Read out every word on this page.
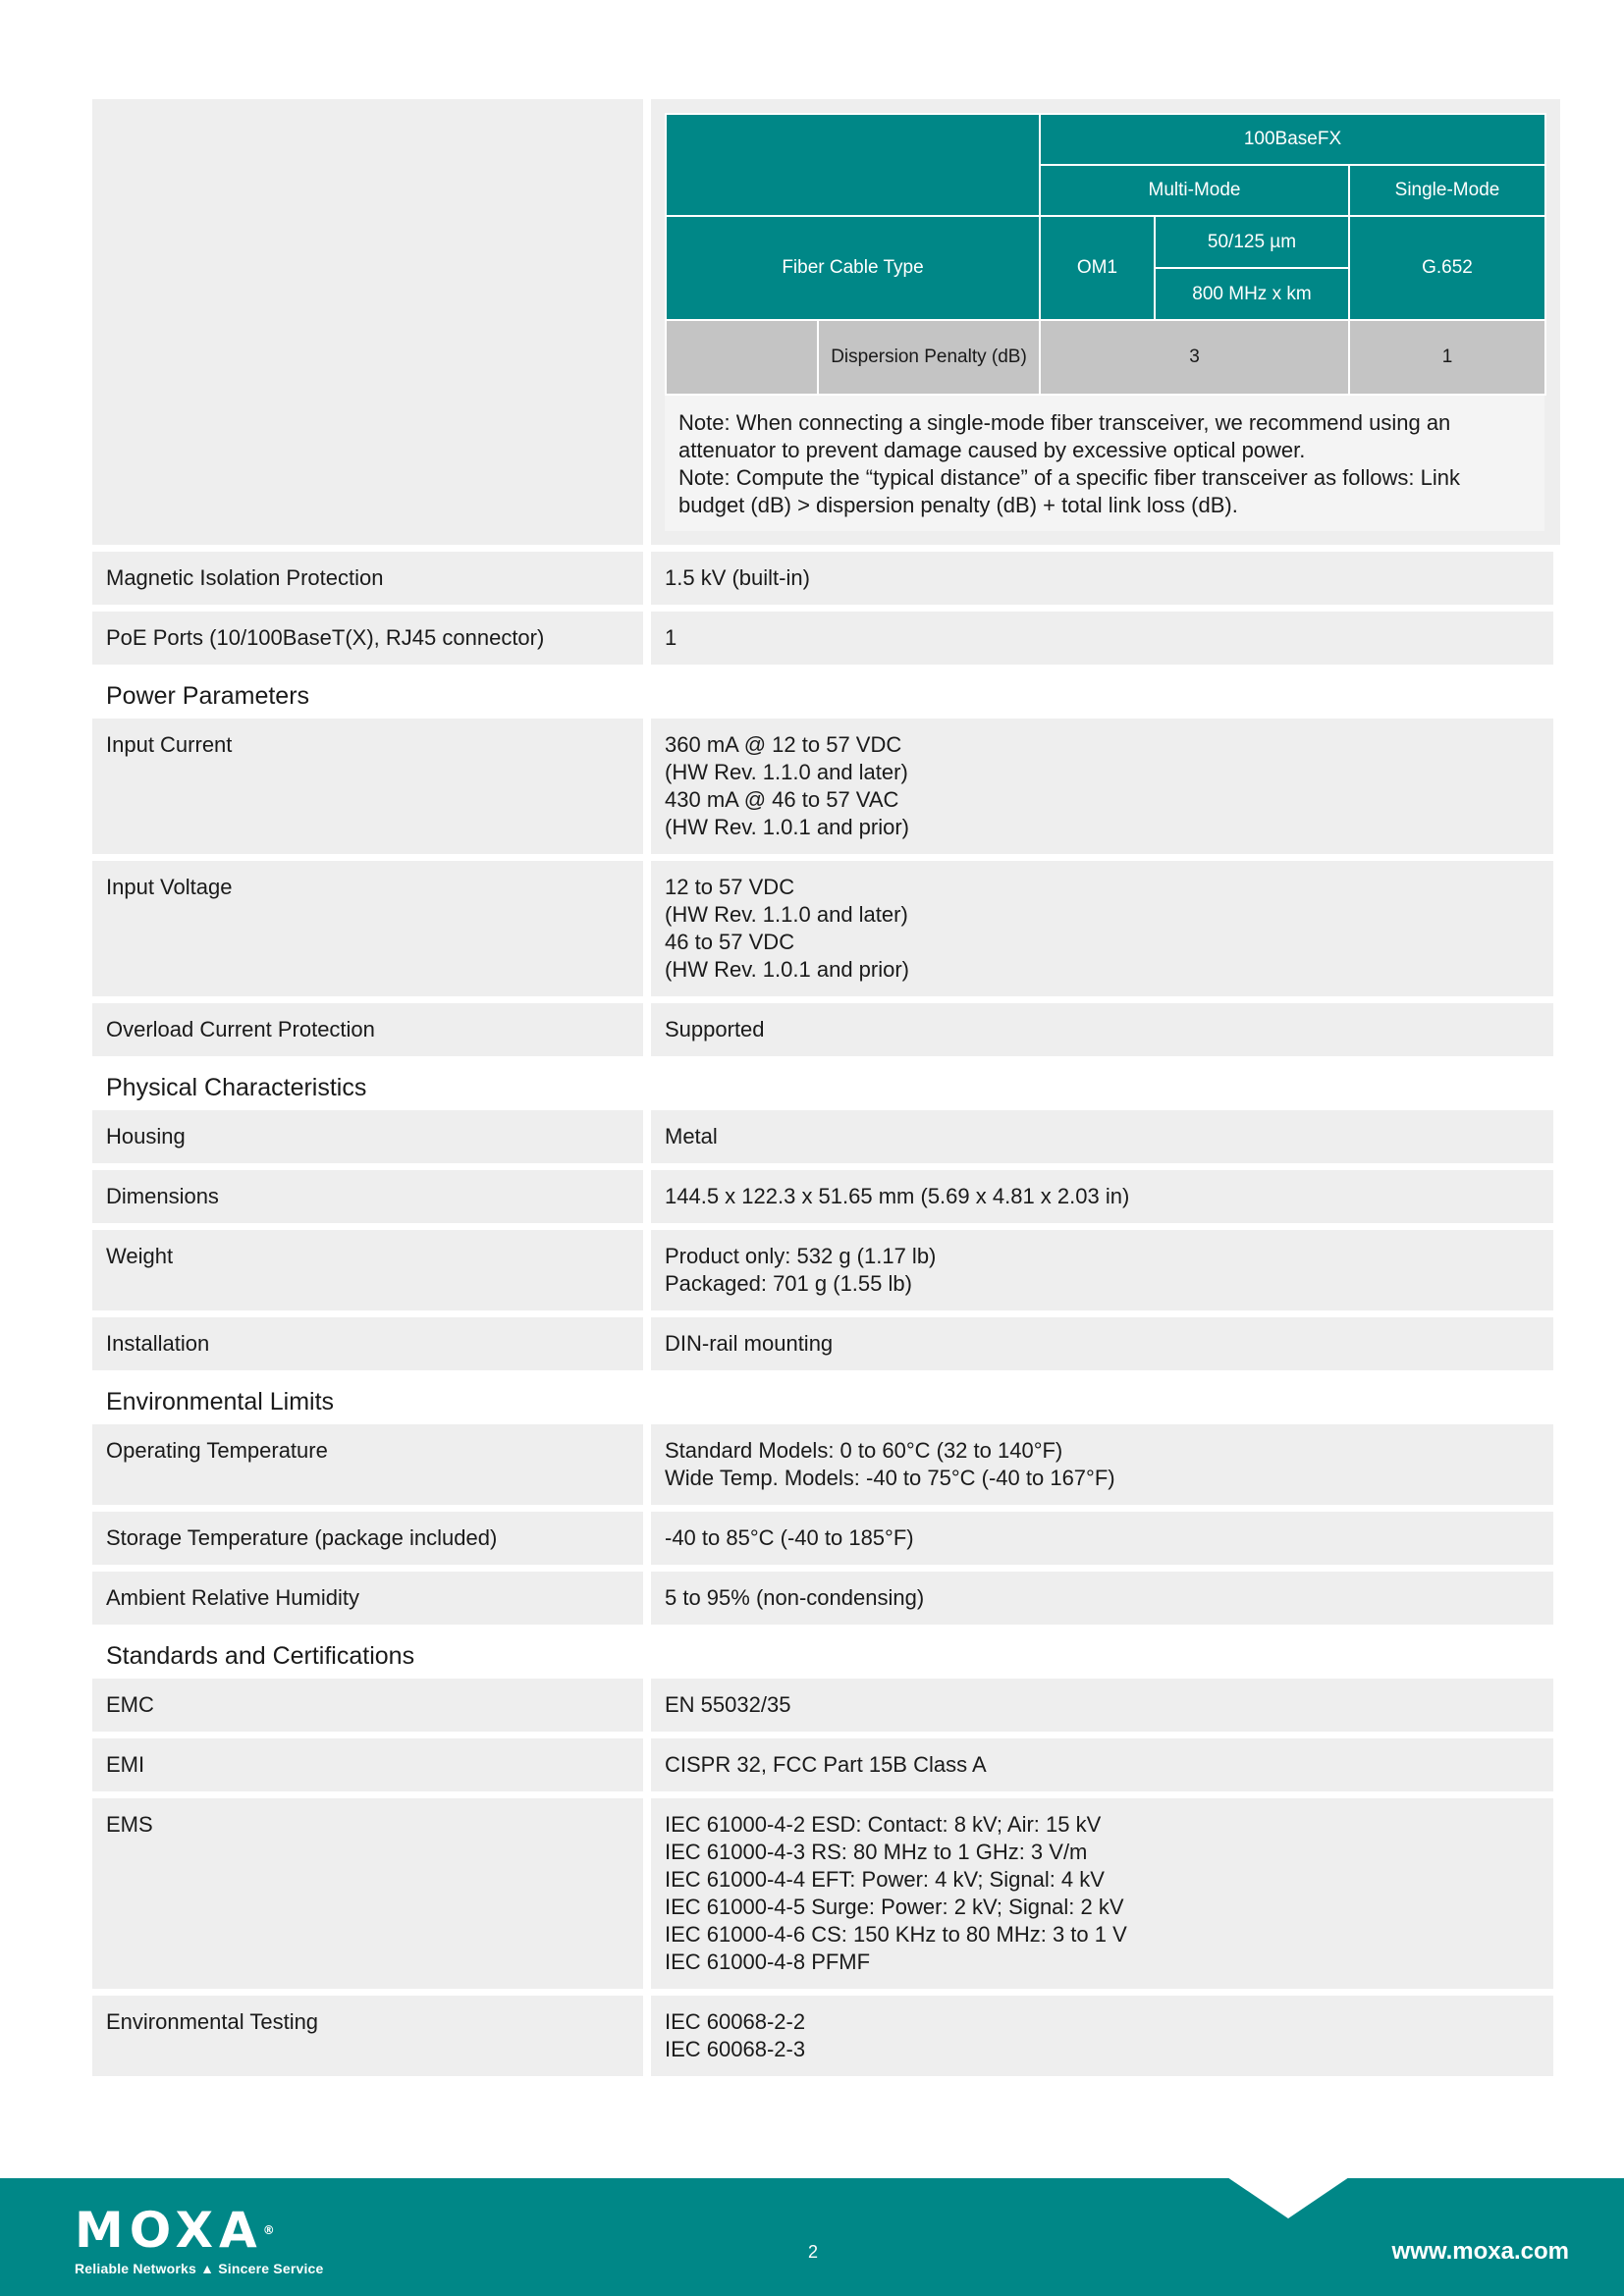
		100BaseFX		
		Multi-Mode		Single-Mode
Fiber Cable Type		OM1	50/125 µm	G.652
			800 MHz x km	
	Dispersion Penalty (dB)	3		1
Note: When connecting a single-mode fiber transceiver, we recommend using an attenuator to prevent damage caused by excessive optical power.
Note: Compute the “typical distance” of a specific fiber transceiver as follows: Link budget (dB) > dispersion penalty (dB) + total link loss (dB).
Magnetic Isolation Protection	1.5 kV (built-in)
PoE Ports (10/100BaseT(X), RJ45 connector)	1
Power Parameters
Input Current	360 mA @ 12 to 57 VDC
(HW Rev. 1.1.0 and later)
430 mA @ 46 to 57 VAC
(HW Rev. 1.0.1 and prior)
Input Voltage	12 to 57 VDC
(HW Rev. 1.1.0 and later)
46 to 57 VDC
(HW Rev. 1.0.1 and prior)
Overload Current Protection	Supported
Physical Characteristics
Housing	Metal
Dimensions	144.5 x 122.3 x 51.65 mm (5.69 x 4.81 x 2.03 in)
Weight	Product only: 532 g (1.17 lb)
Packaged: 701 g (1.55 lb)
Installation	DIN-rail mounting
Environmental Limits
Operating Temperature	Standard Models: 0 to 60°C (32 to 140°F)
Wide Temp. Models: -40 to 75°C (-40 to 167°F)
Storage Temperature (package included)	-40 to 85°C (-40 to 185°F)
Ambient Relative Humidity	5 to 95% (non-condensing)
Standards and Certifications
EMC	EN 55032/35
EMI	CISPR 32, FCC Part 15B Class A
EMS	IEC 61000-4-2 ESD: Contact: 8 kV; Air: 15 kV
IEC 61000-4-3 RS: 80 MHz to 1 GHz: 3 V/m
IEC 61000-4-4 EFT: Power: 4 kV; Signal: 4 kV
IEC 61000-4-5 Surge: Power: 2 kV; Signal: 2 kV
IEC 61000-4-6 CS: 150 KHz to 80 MHz: 3 to 1 V
IEC 61000-4-8 PFMF
Environmental Testing	IEC 60068-2-2
IEC 60068-2-3
MOXA®
Reliable Networks ▲ Sincere Service
2	www.moxa.com
